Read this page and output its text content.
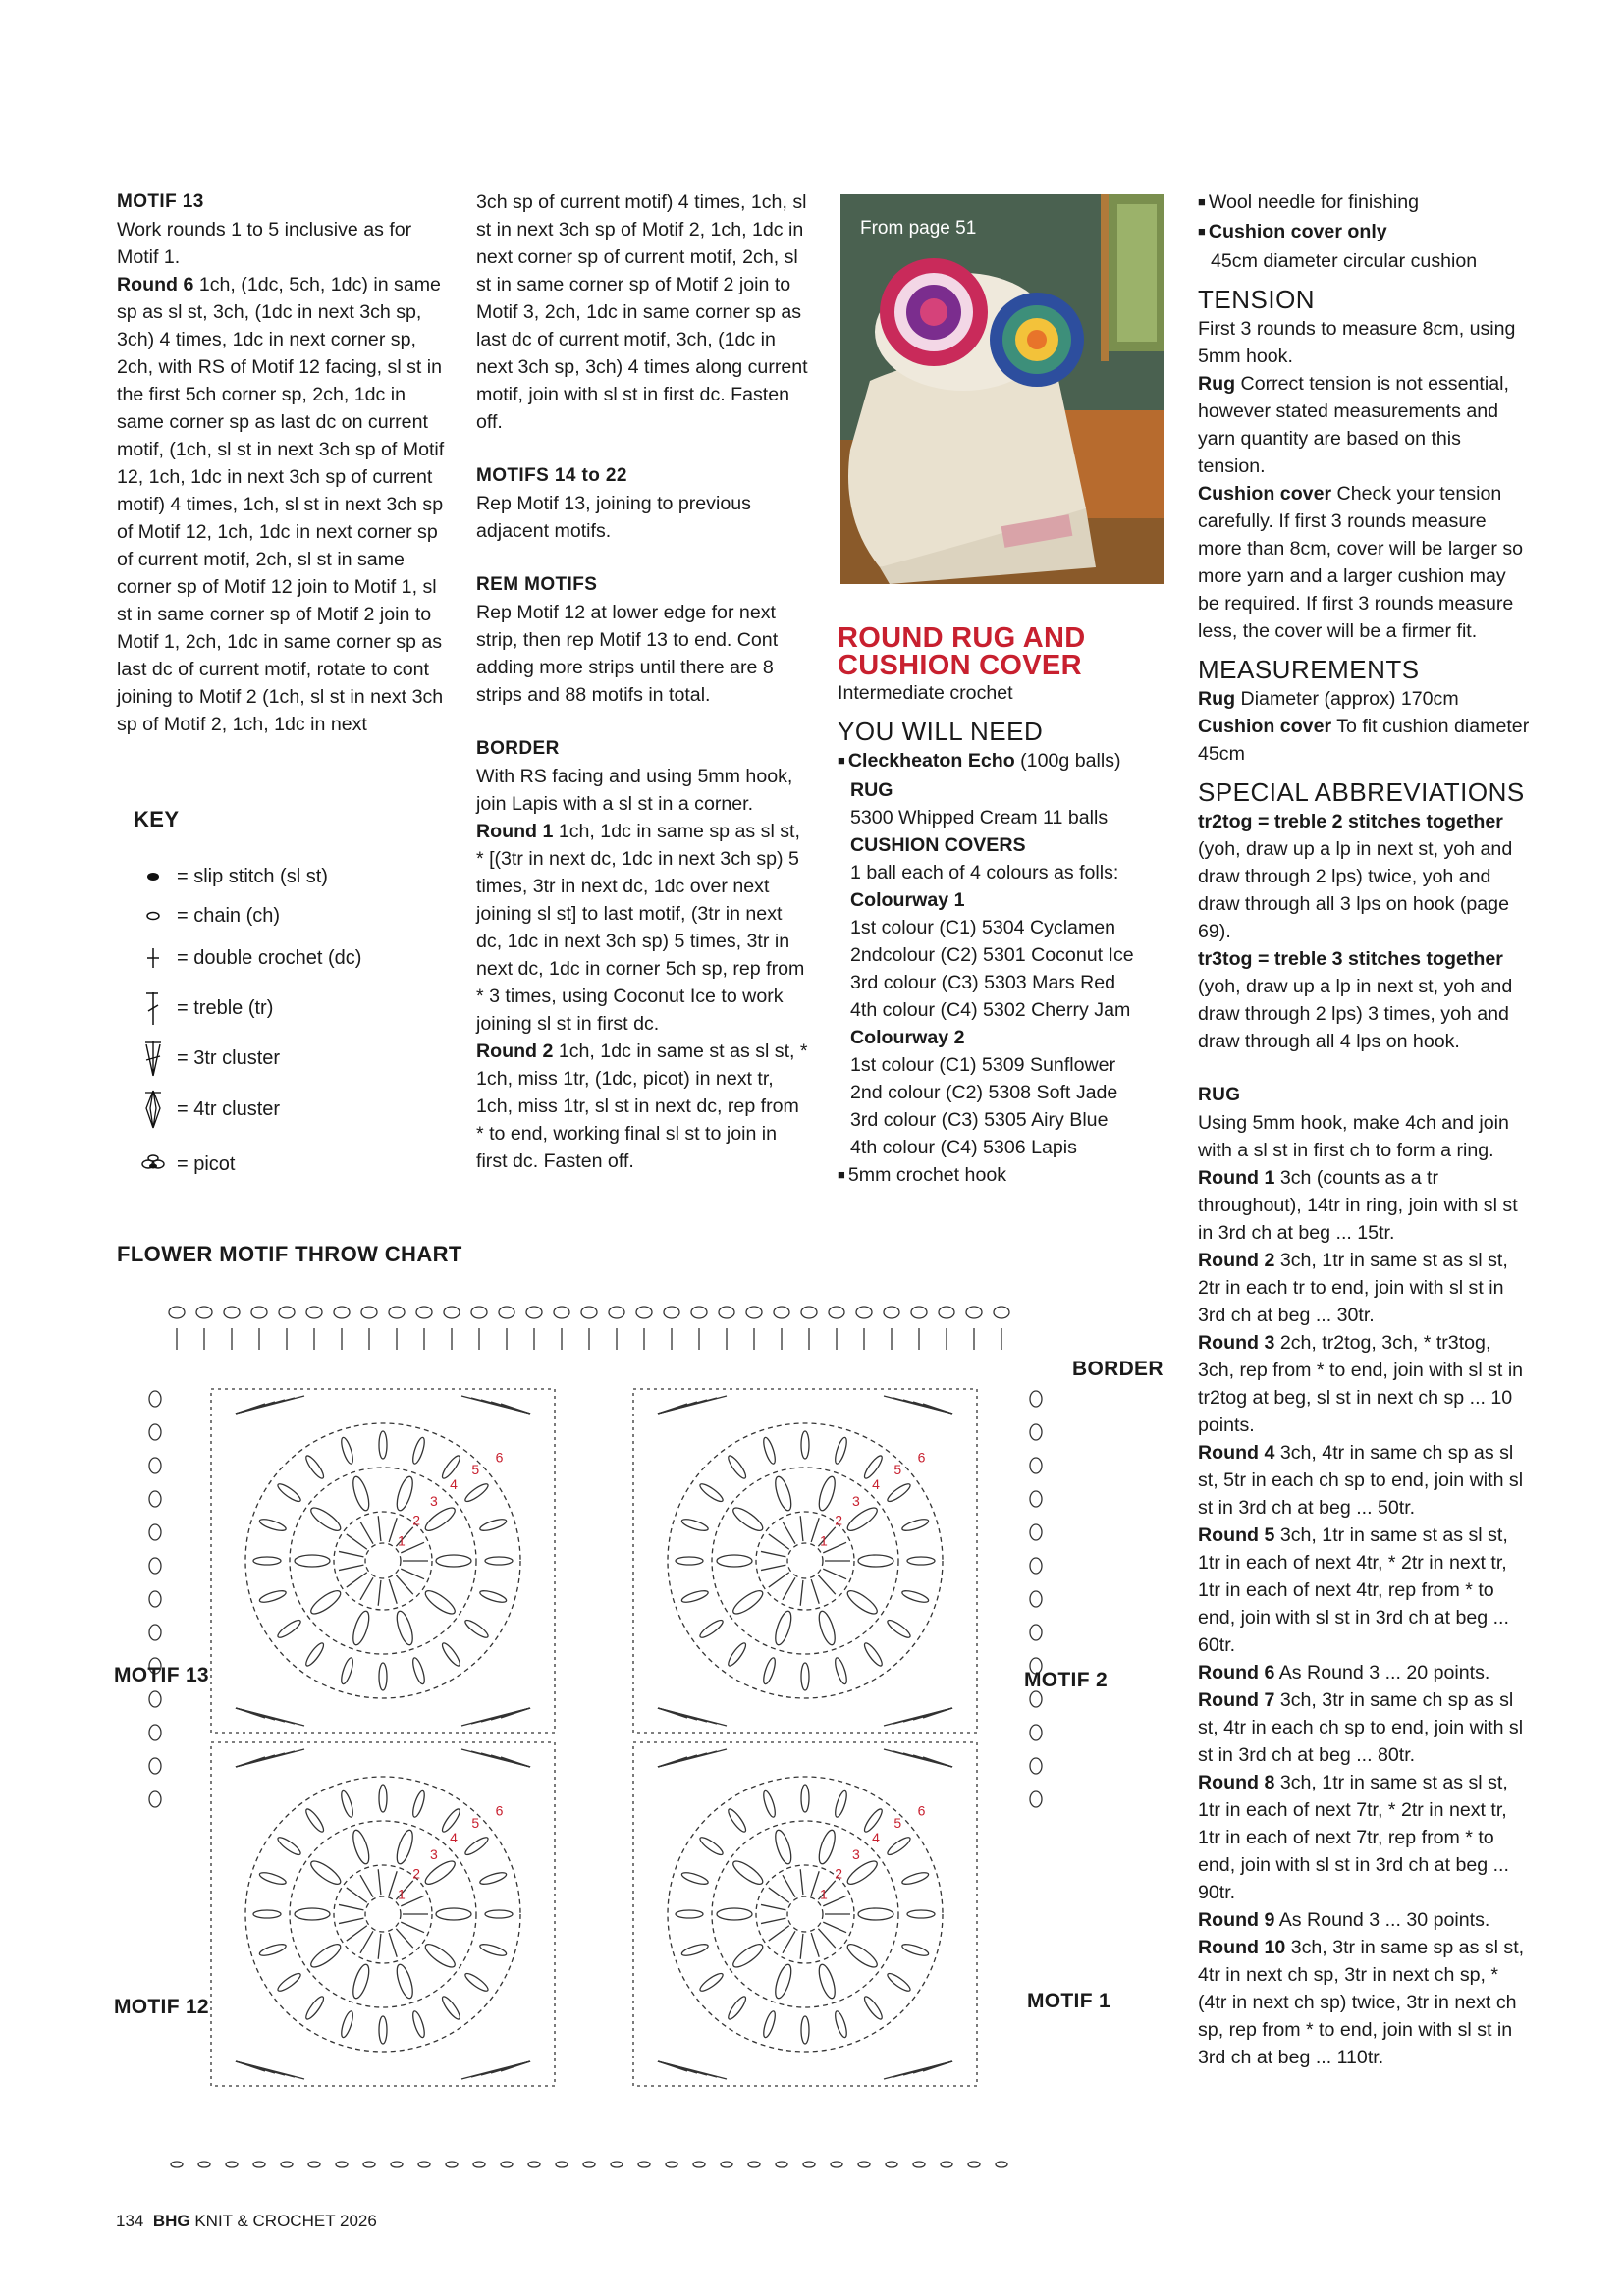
MOTIF 13

Work rounds 1 to 5 inclusive as for Motif 1.

Round 6 1ch, (1dc, 5ch, 1dc) in same sp as sl st, 3ch, (1dc in next 3ch sp, 3ch) 4 times, 1dc in next corner sp, 2ch, with RS of Motif 12 facing, sl st in the first 5ch corner sp, 2ch, 1dc in same corner sp as last dc on current motif, (1ch, sl st in next 3ch sp of Motif 12, 1ch, 1dc in next 3ch sp of current motif) 4 times, 1ch, sl st in next 3ch sp of Motif 12, 1ch, 1dc in next corner sp of current motif, 2ch, sl st in same corner sp of Motif 12 join to Motif 1, sl st in same corner sp of Motif 2 join to Motif 1, 2ch, 1dc in same corner sp as last dc of current motif, rotate to cont joining to Motif 2 (1ch, sl st in next 3ch sp of Motif 2, 1ch, 1dc in next

KEY
= slip stitch (sl st)
= chain (ch)
= double crochet (dc)
= treble (tr)
= 3tr cluster
= 4tr cluster
= picot

3ch sp of current motif) 4 times, 1ch, sl st in next 3ch sp of Motif 2, 1ch, 1dc in next corner sp of current motif, 2ch, sl st in same corner sp of Motif 2 join to Motif 3, 2ch, 1dc in same corner sp as last dc of current motif, 3ch, (1dc in next 3ch sp, 3ch) 4 times along current motif, join with sl st in first dc. Fasten off.

MOTIFS 14 to 22

Rep Motif 13, joining to previous adjacent motifs.

REM MOTIFS

Rep Motif 12 at lower edge for next strip, then rep Motif 13 to end. Cont adding more strips until there are 8 strips and 88 motifs in total.

BORDER

With RS facing and using 5mm hook, join Lapis with a sl st in a corner.

Round 1 1ch, 1dc in same sp as sl st, * [(3tr in next dc, 1dc in next 3ch sp) 5 times, 3tr in next dc, 1dc over next joining sl st] to last motif, (3tr in next dc, 1dc in next 3ch sp) 5 times, 3tr in next dc, 1dc in corner 5ch sp, rep from * 3 times, using Coconut Ice to work joining sl st in first dc.

Round 2 1ch, 1dc in same st as sl st, * 1ch, miss 1tr, (1dc, picot) in next tr, 1ch, miss 1tr, sl st in next dc, rep from * to end, working final sl st to join in first dc. Fasten off.

From page 51

ROUND RUG AND

CUSHION COVER

Intermediate crochet

YOU WILL NEED

■ Cleckheaton Echo (100g balls)

RUG

5300 Whipped Cream 11 balls

CUSHION COVERS

1 ball each of 4 colours as folls:

Colourway 1

1st colour (C1) 5304 Cyclamen

2ndcolour (C2) 5301 Coconut Ice

3rd colour (C3) 5303 Mars Red

4th colour (C4) 5302 Cherry Jam

Colourway 2

1st colour (C1) 5309 Sunflower

2nd colour (C2) 5308 Soft Jade

3rd colour (C3) 5305 Airy Blue

4th colour (C4) 5306 Lapis

■ 5mm crochet hook

■ Wool needle for finishing

■ Cushion cover only

45cm diameter circular cushion

TENSION

First 3 rounds to measure 8cm, using 5mm hook.

Rug Correct tension is not essential, however stated measurements and yarn quantity are based on this tension.

Cushion cover Check your tension carefully. If first 3 rounds measure more than 8cm, cover will be larger so more yarn and a larger cushion may be required. If first 3 rounds measure less, the cover will be a firmer fit.

MEASUREMENTS

Rug Diameter (approx) 170cm

Cushion cover To fit cushion diameter 45cm

SPECIAL ABBREVIATIONS

tr2tog = treble 2 stitches together (yoh, draw up a lp in next st, yoh and draw through 2 lps) twice, yoh and draw through all 3 lps on hook (page 69).

tr3tog = treble 3 stitches together (yoh, draw up a lp in next st, yoh and draw through 2 lps) 3 times, yoh and draw through all 4 lps on hook.

RUG

Using 5mm hook, make 4ch and join with a sl st in first ch to form a ring.

Round 1 3ch (counts as a tr throughout), 14tr in ring, join with sl st in 3rd ch at beg ... 15tr.

Round 2 3ch, 1tr in same st as sl st, 2tr in each tr to end, join with sl st in 3rd ch at beg ... 30tr.

Round 3 2ch, tr2tog, 3ch, * tr3tog, 3ch, rep from * to end, join with sl st in tr2tog at beg, sl st in next ch sp ... 10 points.

Round 4 3ch, 4tr in same ch sp as sl st, 5tr in each ch sp to end, join with sl st in 3rd ch at beg ... 50tr.

Round 5 3ch, 1tr in same st as sl st, 1tr in each of next 4tr, * 2tr in next tr, 1tr in each of next 4tr, rep from * to end, join with sl st in 3rd ch at beg ... 60tr.

Round 6 As Round 3 ... 20 points.

Round 7 3ch, 3tr in same ch sp as sl st, 4tr in each ch sp to end, join with sl st in 3rd ch at beg ... 80tr.

Round 8 3ch, 1tr in same st as sl st, 1tr in each of next 7tr, * 2tr in next tr, 1tr in each of next 7tr, rep from * to end, join with sl st in 3rd ch at beg ... 90tr.

Round 9 As Round 3 ... 30 points.

Round 10 3ch, 3tr in same sp as sl st, 4tr in next ch sp, 3tr in next ch sp, * (4tr in next ch sp) twice, 3tr in next ch sp, rep from * to end, join with sl st in 3rd ch at beg ... 110tr.

FLOWER MOTIF THROW CHART
1
2
3
4
5
6
1
2
3
4
5
6
1
2
3
4
5
6
1
2
3
4
5
6
BORDER
MOTIF 13	MOTIF 2
MOTIF 12	MOTIF 1
134 BHG KNIT & CROCHET 2026
